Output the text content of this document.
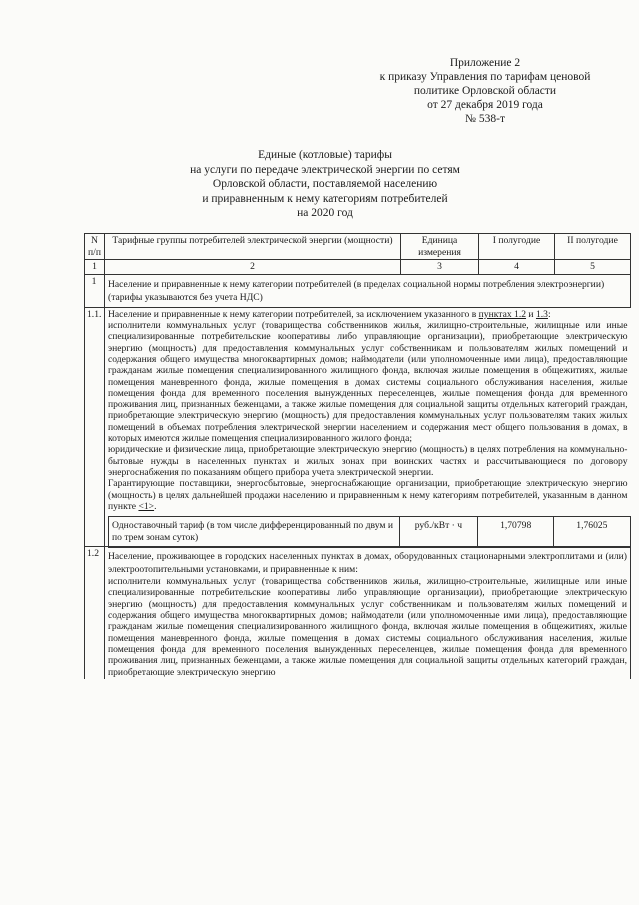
Приложение 2
к приказу Управления по тарифам ценовой
политике Орловской области
от 27 декабря 2019 года
№ 538-т
Единые (котловые) тарифы
на услуги по передаче электрической энергии по сетям
Орловской области, поставляемой населению
и приравненным к нему категориям потребителей
на 2020 год
N п/п	Тарифные группы потребителей электрической энергии (мощности)	Единица измерения	I полугодие	II полугодие
1	2	3	4	5
1	Население и приравненные к нему категории потребителей (в пределах социальной нормы потребления электроэнергии) (тарифы указываются без учета НДС)
1.1.	Население и приравненные к нему категории потребителей, за исключением указанного в пунктах 1.2 и 1.3:

исполнители коммунальных услуг (товарищества собственников жилья, жилищно-строительные, жилищные или иные специализированные потребительские кооперативы либо управляющие организации), приобретающие электрическую энергию (мощность) для предоставления коммунальных услуг собственникам и пользователям жилых помещений и содержания общего имущества многоквартирных домов; наймодатели (или уполномоченные ими лица), предоставляющие гражданам жилые помещения специализированного жилищного фонда, включая жилые помещения в общежитиях, жилые помещения маневренного фонда, жилые помещения в домах системы социального обслуживания населения, жилые помещения фонда для временного поселения вынужденных переселенцев, жилые помещения фонда для временного проживания лиц, признанных беженцами, а также жилые помещения для социальной защиты отдельных категорий граждан, приобретающие электрическую энергию (мощность) для предоставления коммунальных услуг пользователям таких жилых помещений в объемах потребления электрической энергии населением и содержания мест общего пользования в домах, в которых имеются жилые помещения специализированного жилого фонда;

юридические и физические лица, приобретающие электрическую энергию (мощность) в целях потребления на коммунально-бытовые нужды в населенных пунктах и жилых зонах при воинских частях и рассчитывающиеся по договору энергоснабжения по показаниям общего прибора учета электрической энергии.

Гарантирующие поставщики, энергосбытовые, энергоснабжающие организации, приобретающие электрическую энергию (мощность) в целях дальнейшей продажи населению и приравненным к нему категориям потребителей, указанным в данном пункте <1>.

Одноставочный тариф (в том числе дифференцированный по двум и по трем зонам суток)	руб./кВт · ч	1,70798	1,76025

1.2	Население, проживающее в городских населенных пунктах в домах, оборудованных стационарными электроплитами и (или) электроотопительными установками, и приравненные к ним:

исполнители коммунальных услуг (товарищества собственников жилья, жилищно-строительные, жилищные или иные специализированные потребительские кооперативы либо управляющие организации), приобретающие электрическую энергию (мощность) для предоставления коммунальных услуг собственникам и пользователям жилых помещений и содержания общего имущества многоквартирных домов; наймодатели (или уполномоченные ими лица), предоставляющие гражданам жилые помещения специализированного жилищного фонда, включая жилые помещения в общежитиях, жилые помещения маневренного фонда, жилые помещения в домах системы социального обслуживания населения, жилые помещения фонда для временного поселения вынужденных переселенцев, жилые помещения фонда для временного проживания лиц, признанных беженцами, а также жилые помещения для социальной защиты отдельных категорий граждан, приобретающие электрическую энергию
